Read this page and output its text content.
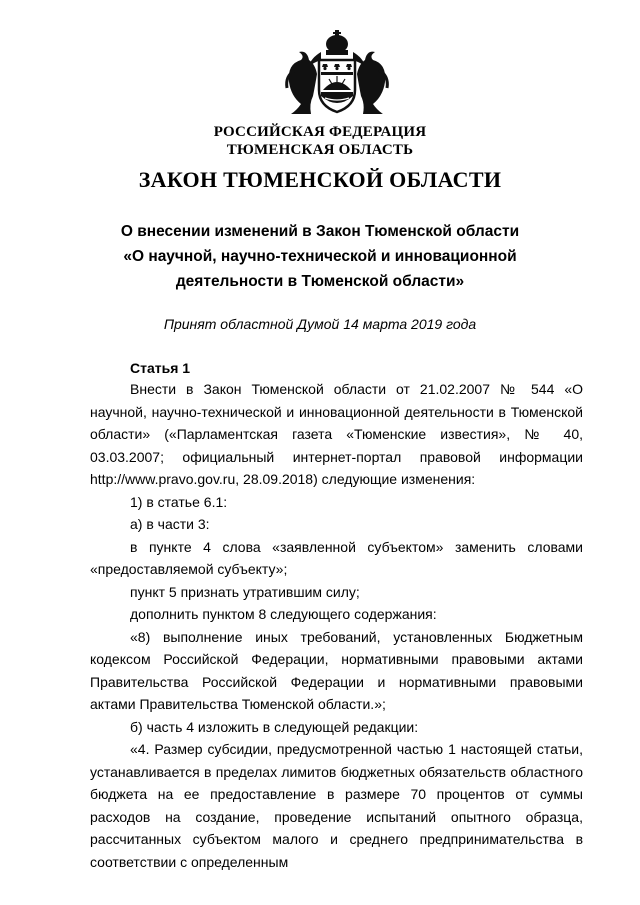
РОССИЙСКАЯ ФЕДЕРАЦИЯ

ТЮМЕНСКАЯ ОБЛАСТЬ

ЗАКОН ТЮМЕНСКОЙ ОБЛАСТИ

О внесении изменений в Закон Тюменской области
«О научной, научно-технической и инновационной
деятельности в Тюменской области»

Принят областной Думой 14 марта 2019 года

Статья 1

Внести в Закон Тюменской области от 21.02.2007 № 544 «О научной, научно-технической и инновационной деятельности в Тюменской области» («Парламентская газета «Тюменские известия», № 40, 03.03.2007; официальный интернет-портал правовой информации http://www.pravo.gov.ru, 28.09.2018) следующие изменения:

1) в статье 6.1:

а) в части 3:

в пункте 4 слова «заявленной субъектом» заменить словами «предоставляемой субъекту»;

пункт 5 признать утратившим силу;

дополнить пунктом 8 следующего содержания:

«8) выполнение иных требований, установленных Бюджетным кодексом Российской Федерации, нормативными правовыми актами Правительства Российской Федерации и нормативными правовыми актами Правительства Тюменской области.»;

б) часть 4 изложить в следующей редакции:

«4. Размер субсидии, предусмотренной частью 1 настоящей статьи, устанавливается в пределах лимитов бюджетных обязательств областного бюджета на ее предоставление в размере 70 процентов от суммы расходов на создание, проведение испытаний опытного образца, рассчитанных субъектом малого и среднего предпринимательства в соответствии с определенным
